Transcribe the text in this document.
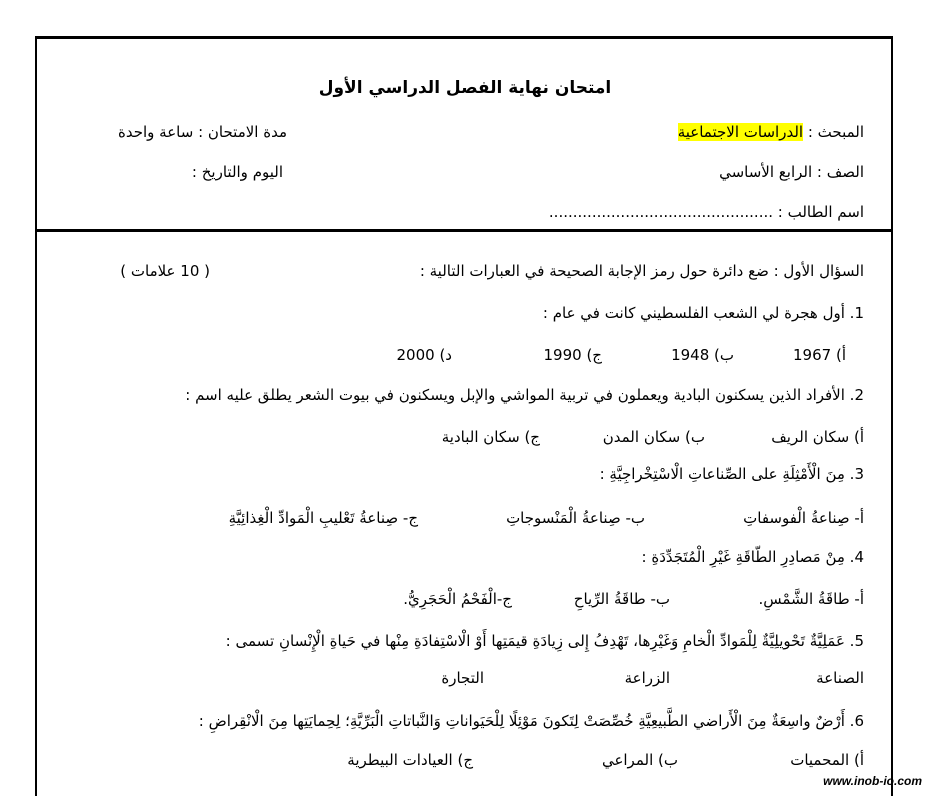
امتحان نهاية الفصل الدراسي الأول
المبحث : الدراسات الاجتماعية
مدة الامتحان : ساعة واحدة
الصف : الرابع الأساسي
اليوم والتاريخ :
اسم الطالب : ...............................................
السؤال الأول : ضع دائرة حول رمز الإجابة الصحيحة في العبارات التالية :
( 10 علامات )
1. أول هجرة لي الشعب الفلسطيني كانت في عام :
أ) 1967
ب) 1948
ج) 1990
د) 2000
2. الأفراد الذين يسكنون البادية ويعملون في تربية المواشي والإبل ويسكنون في بيوت الشعر يطلق عليه اسم :
أ) سكان الريف
ب) سكان المدن
ج) سكان البادية
3. مِنَ الْأَمْثِلَةِ على الصِّناعاتِ الْاسْتِخْراجِيَّةِ :
أ- صِناعةُ الْفوسفاتِ
ب- صِناعةُ الْمَنْسوجاتِ
ج- صِناعةُ تَعْليبِ الْمَوادِّ الْغِذائِيَّةِ
4. مِنْ مَصادِرِ الطّاقَةِ غَيْرِ الْمُتَجَدِّدَةِ :
أ- طاقَةُ الشَّمْسِ.
ب- طاقَةُ الرِّياحِ
ج-الْفَحْمُ الْحَجَرِيُّ.
5. عَمَلِيَّةٌ تَحْويلِيَّةٌ لِلْمَوادِّ الْخامِ وَغَيْرِها، تَهْدِفُ إِلى زِيادَةِ قيمَتِها أَوْ الْاسْتِفادَةِ مِنْها في حَياةِ الْإِنْسانِ تسمى :
الصناعة
الزراعة
التجارة
6. أَرْضٌ واسِعَةٌ مِنَ الْأَراضي الطَّبيعِيَّةِ خُصِّصَتْ لِتَكونَ مَوْئِلًا لِلْحَيَواناتِ وَالنَّباتاتِ الْبَرِّيَّةِ؛ لِحِمايَتِها مِنَ الْانْقِراضِ :
أ) المحميات
ب) المراعي
ج) العيادات البيطرية
www.inob-io.com
